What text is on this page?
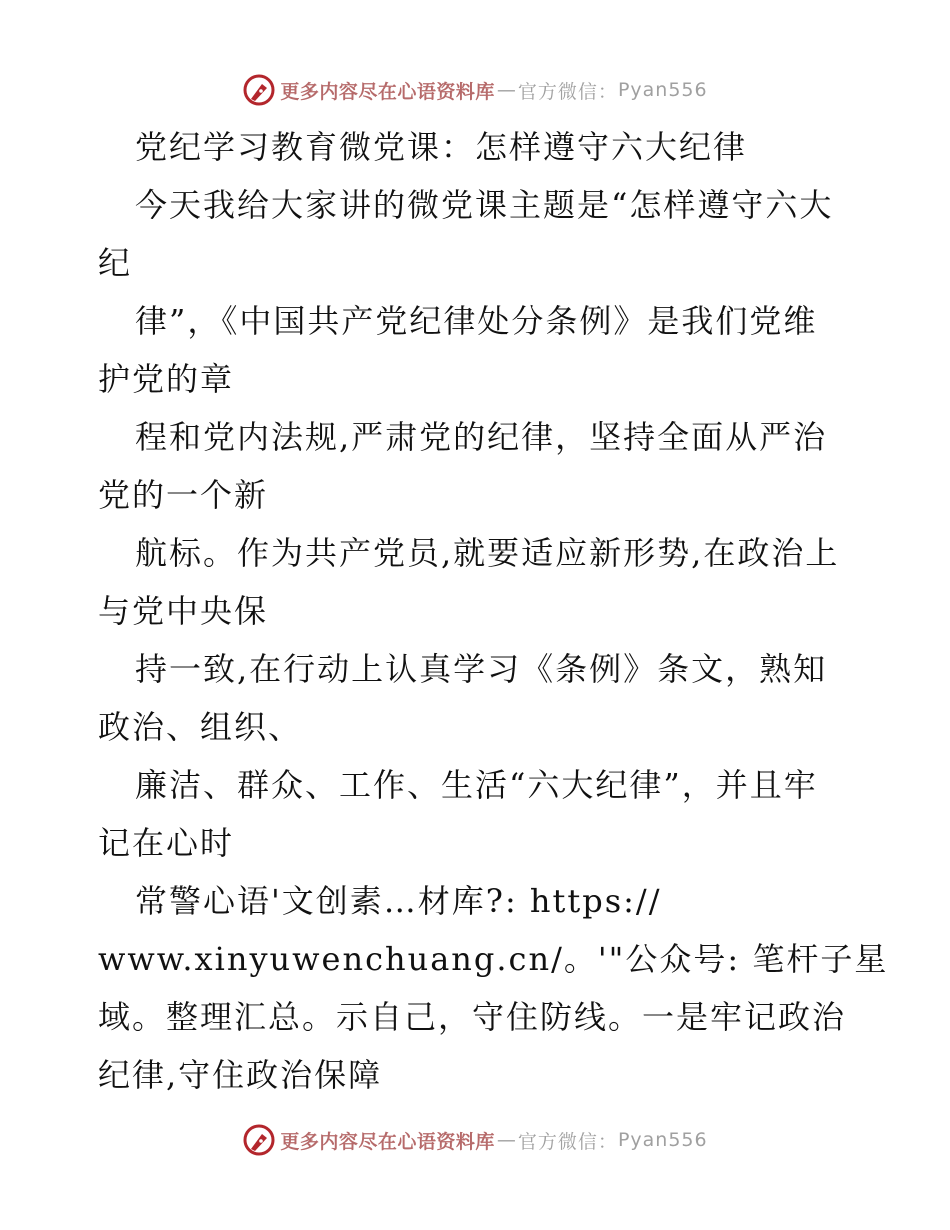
更多内容尽在心语资料库 — 官方微信： Pyan556
党纪学习教育微党课：怎样遵守六大纪律
今天我给大家讲的微党课主题是“怎样遵守六大
纪
律”，《中国共产党纪律处分条例》是我们党维
护党的章
程和党内法规,严肃党的纪律，坚持全面从严治
党的一个新
航标。作为共产党员,就要适应新形势,在政治上
与党中央保
持一致,在行动上认真学习《条例》条文，熟知
政治、组织、
廉洁、群众、工作、生活“六大纪律”，并且牢
记在心时
常警心语'文创素…材库?: https://
www.xinyuwenchuang.cn/。'"公众号: 笔杆子星
域。整理汇总。示自己，守住防线。一是牢记政治
纪律,守住政治保障
更多内容尽在心语资料库 — 官方微信： Pyan556
